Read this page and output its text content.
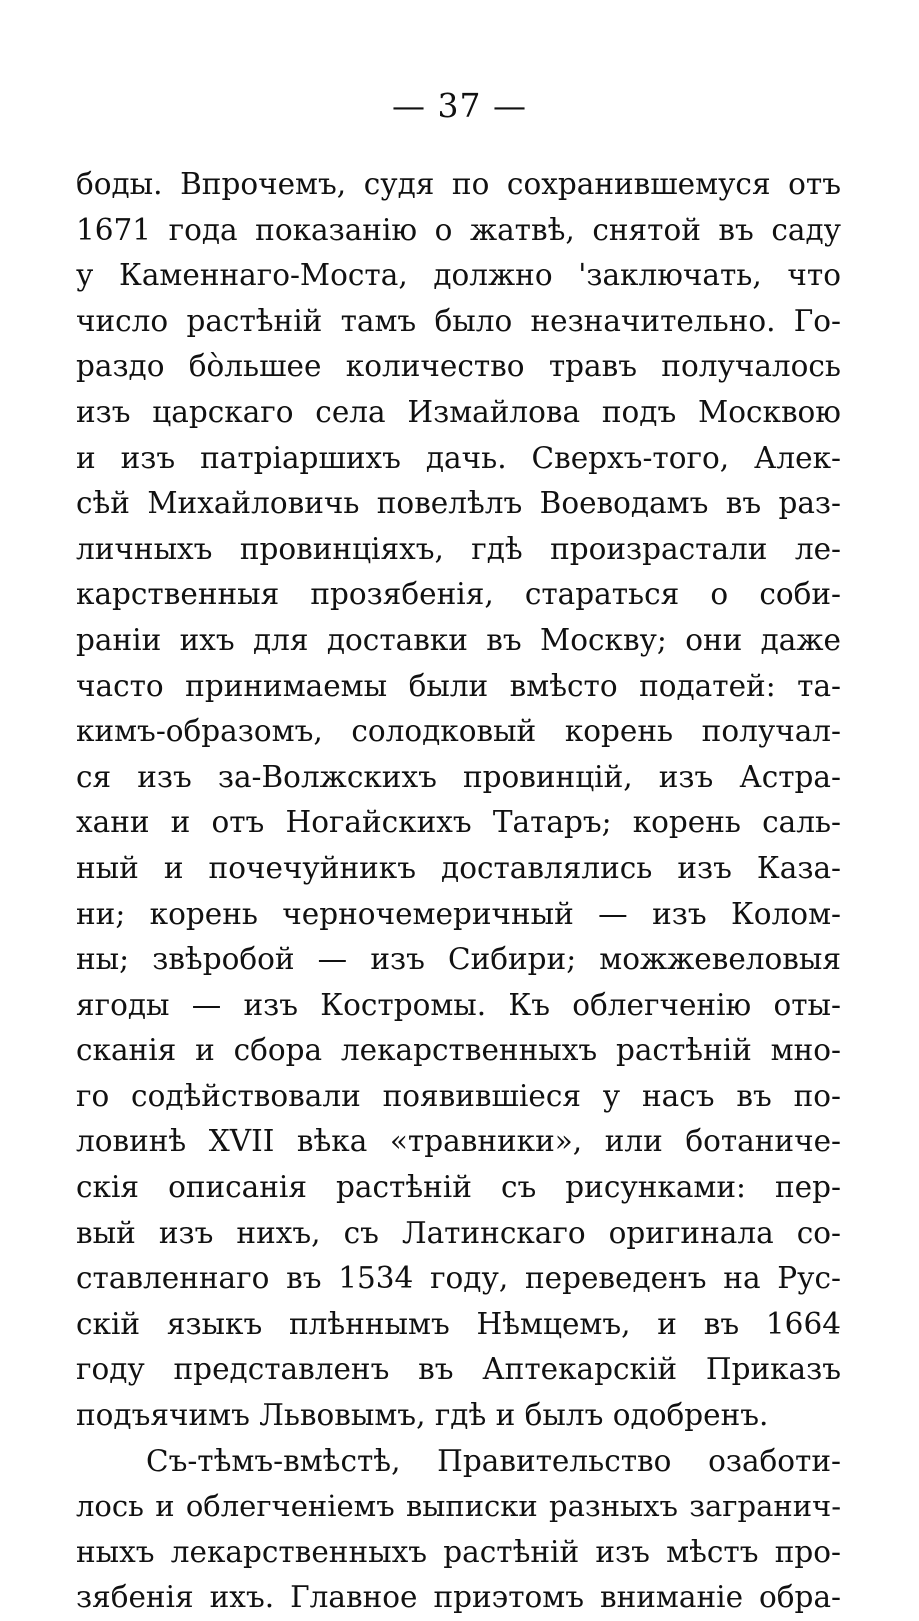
— 37 —
боды. Впрочемъ, судя по сохранившемуся отъ
1671 года показанію о жатвѣ, снятой въ саду
у Каменнаго-Моста, должно 'заключать, что
число растѣній тамъ было незначительно. Го-
раздо бо̀льшее количество травъ получалось
изъ царскаго села Измайлова подъ Москвою
и изъ патріаршихъ дачь. Сверхъ-того, Алек-
сѣй Михайловичь повелѣлъ Воеводамъ въ раз-
личныхъ провинціяхъ, гдѣ произрастали ле-
карственныя прозябенія, стараться о соби-
раніи ихъ для доставки въ Москву; они даже
часто принимаемы были вмѣсто податей: та-
кимъ-образомъ, солодковый корень получал-
ся изъ за-Волжскихъ провинцій, изъ Астра-
хани и отъ Ногайскихъ Татаръ; корень саль-
ный и почечуйникъ доставлялись изъ Каза-
ни; корень черночемеричный — изъ Колом-
ны; звѣробой — изъ Сибири; можжевеловыя
ягоды — изъ Костромы. Къ облегченію оты-
сканія и сбора лекарственныхъ растѣній мно-
го содѣйствовали появившіеся у насъ въ по-
ловинѣ XVII вѣка «травники», или ботаниче-
скія описанія растѣній съ рисунками: пер-
вый изъ нихъ, съ Латинскаго оригинала со-
ставленнаго въ 1534 году, переведенъ на Рус-
скій языкъ плѣннымъ Нѣмцемъ, и въ 1664
году представленъ въ Аптекарскій Приказъ
подъячимъ Львовымъ, гдѣ и былъ одобренъ.
Съ-тѣмъ-вмѣстѣ, Правительство озаботи-
лось и облегченіемъ выписки разныхъ загранич-
ныхъ лекарственныхъ растѣній изъ мѣстъ про-
зябенія ихъ. Главное приэтомъ вниманіе обра-
